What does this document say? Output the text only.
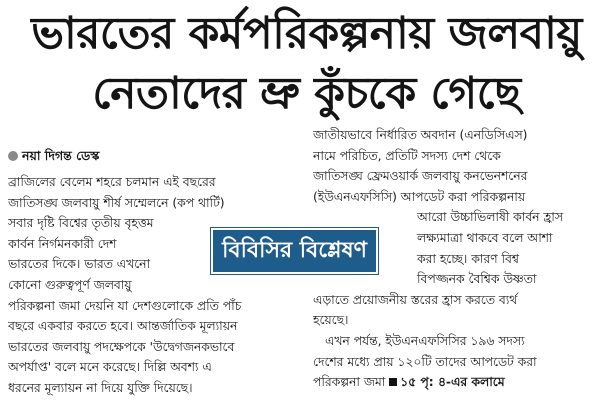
ভারতের কর্মপরিকল্পনায় জলবায়ু
নেতাদের ভ্রু কুঁচকে গেছে
নয়া দিগন্ত ডেস্ক
ব্রাজিলের বেলেম শহরে চলমান এই বছরের
জাতিসঙ্ঘ জলবায়ু শীর্ষ সম্মেলনে (কপ থার্টি)
সবার দৃষ্টি বিশ্বের তৃতীয় বৃহত্তম
কার্বন নির্গমনকারী দেশ
ভারতের দিকে। ভারত এখনো
কোনো গুরুত্বপূর্ণ জলবায়ু
পরিকল্পনা জমা দেয়নি যা দেশগুলোকে প্রতি পাঁচ
বছরে একবার করতে হবে। আন্তর্জাতিক মূল্যায়ন
ভারতের জলবায়ু পদক্ষেপকে 'উদ্বেগজনকভাবে
অপর্যাপ্ত' বলে মনে করেছে। দিল্লি অবশ্য এ
ধরনের মূল্যায়ন না দিয়ে যুক্তি দিয়েছে।
জাতীয়ভাবে নির্ধারিত অবদান (এনডিসিএস)
নামে পরিচিত, প্রতিটি সদস্য দেশ থেকে
জাতিসঙ্ঘ ফ্রেমওয়ার্ক জলবায়ু কনভেনশনের
(ইউএনএফসিসি) আপডেট করা পরিকল্পনায়
আরো উচ্চাভিলাষী কার্বন হ্রাস
লক্ষ্যমাত্রা থাকবে বলে আশা
করা হচ্ছে। কারণ বিশ্ব
বিপজ্জনক বৈশ্বিক উষ্ণতা
এড়াতে প্রয়োজনীয় স্তরের হ্রাস করতে ব্যর্থ
হয়েছে।
এখন পর্যন্ত, ইউএনএফসিসির ১৯৬ সদস্য
দেশের মধ্যে প্রায় ১২০টি তাদের আপডেট করা
পরিকল্পনা জমা ১৫ পৃ: ৪-এর কলামে
বিবিসির বিশ্লেষণ
